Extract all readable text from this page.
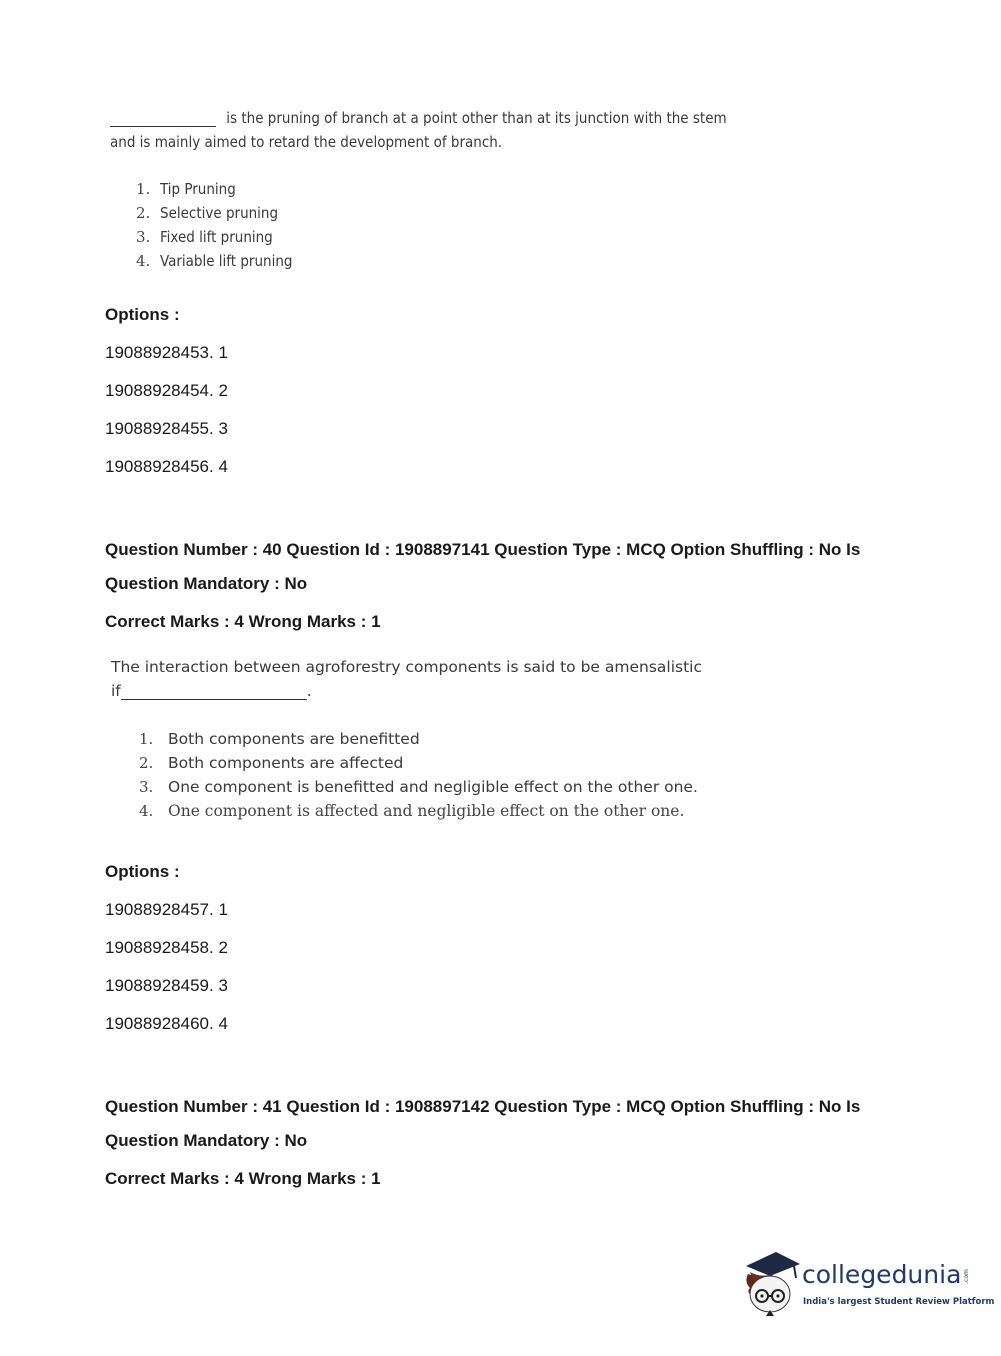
is the pruning of branch at a point other than at its junction with the stem
and is mainly aimed to retard the development of branch.
1. Tip Pruning
2. Selective pruning
3. Fixed lift pruning
4. Variable lift pruning
Options :
19088928453. 1
19088928454. 2
19088928455. 3
19088928456. 4
Question Number : 40 Question Id : 1908897141 Question Type : MCQ Option Shuffling : No Is
Question Mandatory : No
Correct Marks : 4 Wrong Marks : 1
The interaction between agroforestry components is said to be amensalistic
if	.
1. Both components are benefitted
2. Both components are affected
3. One component is benefitted and negligible effect on the other one.
4. One component is affected and negligible effect on the other one.
Options :
19088928457. 1
19088928458. 2
19088928459. 3
19088928460. 4
Question Number : 41 Question Id : 1908897142 Question Type : MCQ Option Shuffling : No Is
Question Mandatory : No
Correct Marks : 4 Wrong Marks : 1
collegedunia .com
India's largest Student Review Platform
